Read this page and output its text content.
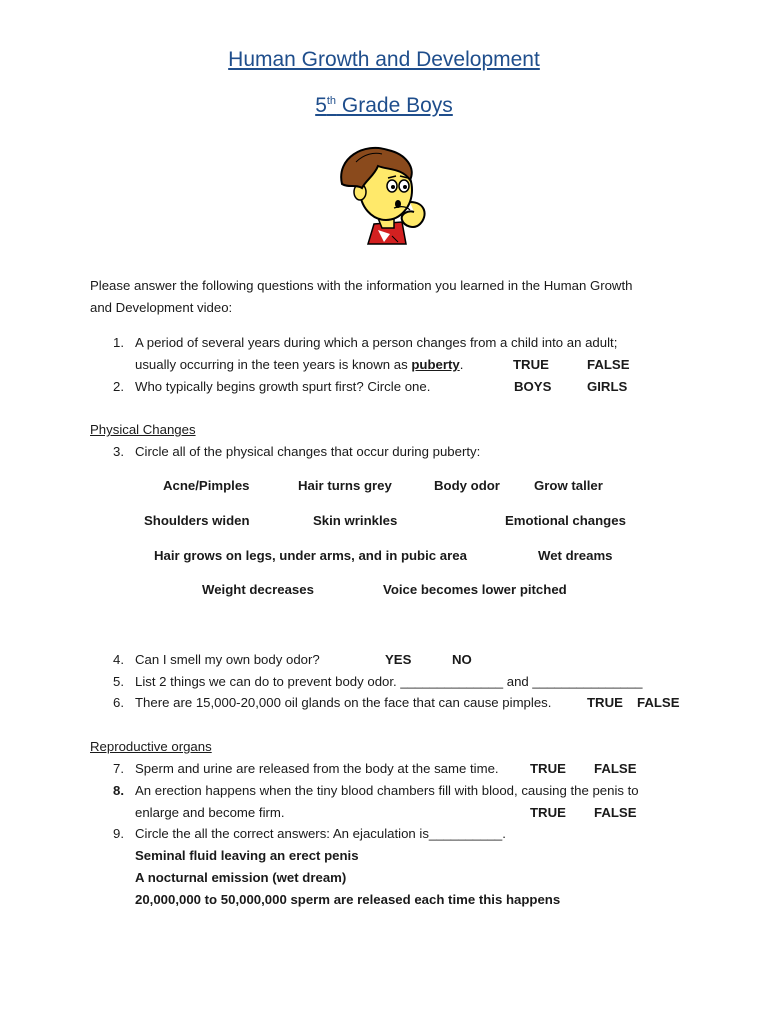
Human Growth and Development
5th Grade Boys
Please answer the following questions with the information you learned in the Human Growth
and Development video:
1. A period of several years during which a person changes from a child into an adult;
usually occurring in the teen years is known as puberty.	TRUE	FALSE
2. Who typically begins growth spurt first? Circle one.	BOYS	GIRLS
Physical Changes
3. Circle all of the physical changes that occur during puberty:
Acne/Pimples	Hair turns grey	Body odor	Grow taller
Shoulders widen	Skin wrinkles	Emotional changes
Hair grows on legs, under arms, and in pubic area	Wet dreams
Weight decreases	Voice becomes lower pitched
4. Can I smell my own body odor?	YES	NO
5. List 2 things we can do to prevent body odor. ______________ and _______________
6. There are 15,000-20,000 oil glands on the face that can cause pimples.	TRUE FALSE
Reproductive organs
7. Sperm and urine are released from the body at the same time. TRUE FALSE
8. An erection happens when the tiny blood chambers fill with blood, causing the penis to
enlarge and become firm.	TRUE FALSE
9. Circle the all the correct answers: An ejaculation is__________.
Seminal fluid leaving an erect penis
A nocturnal emission (wet dream)
20,000,000 to 50,000,000 sperm are released each time this happens
